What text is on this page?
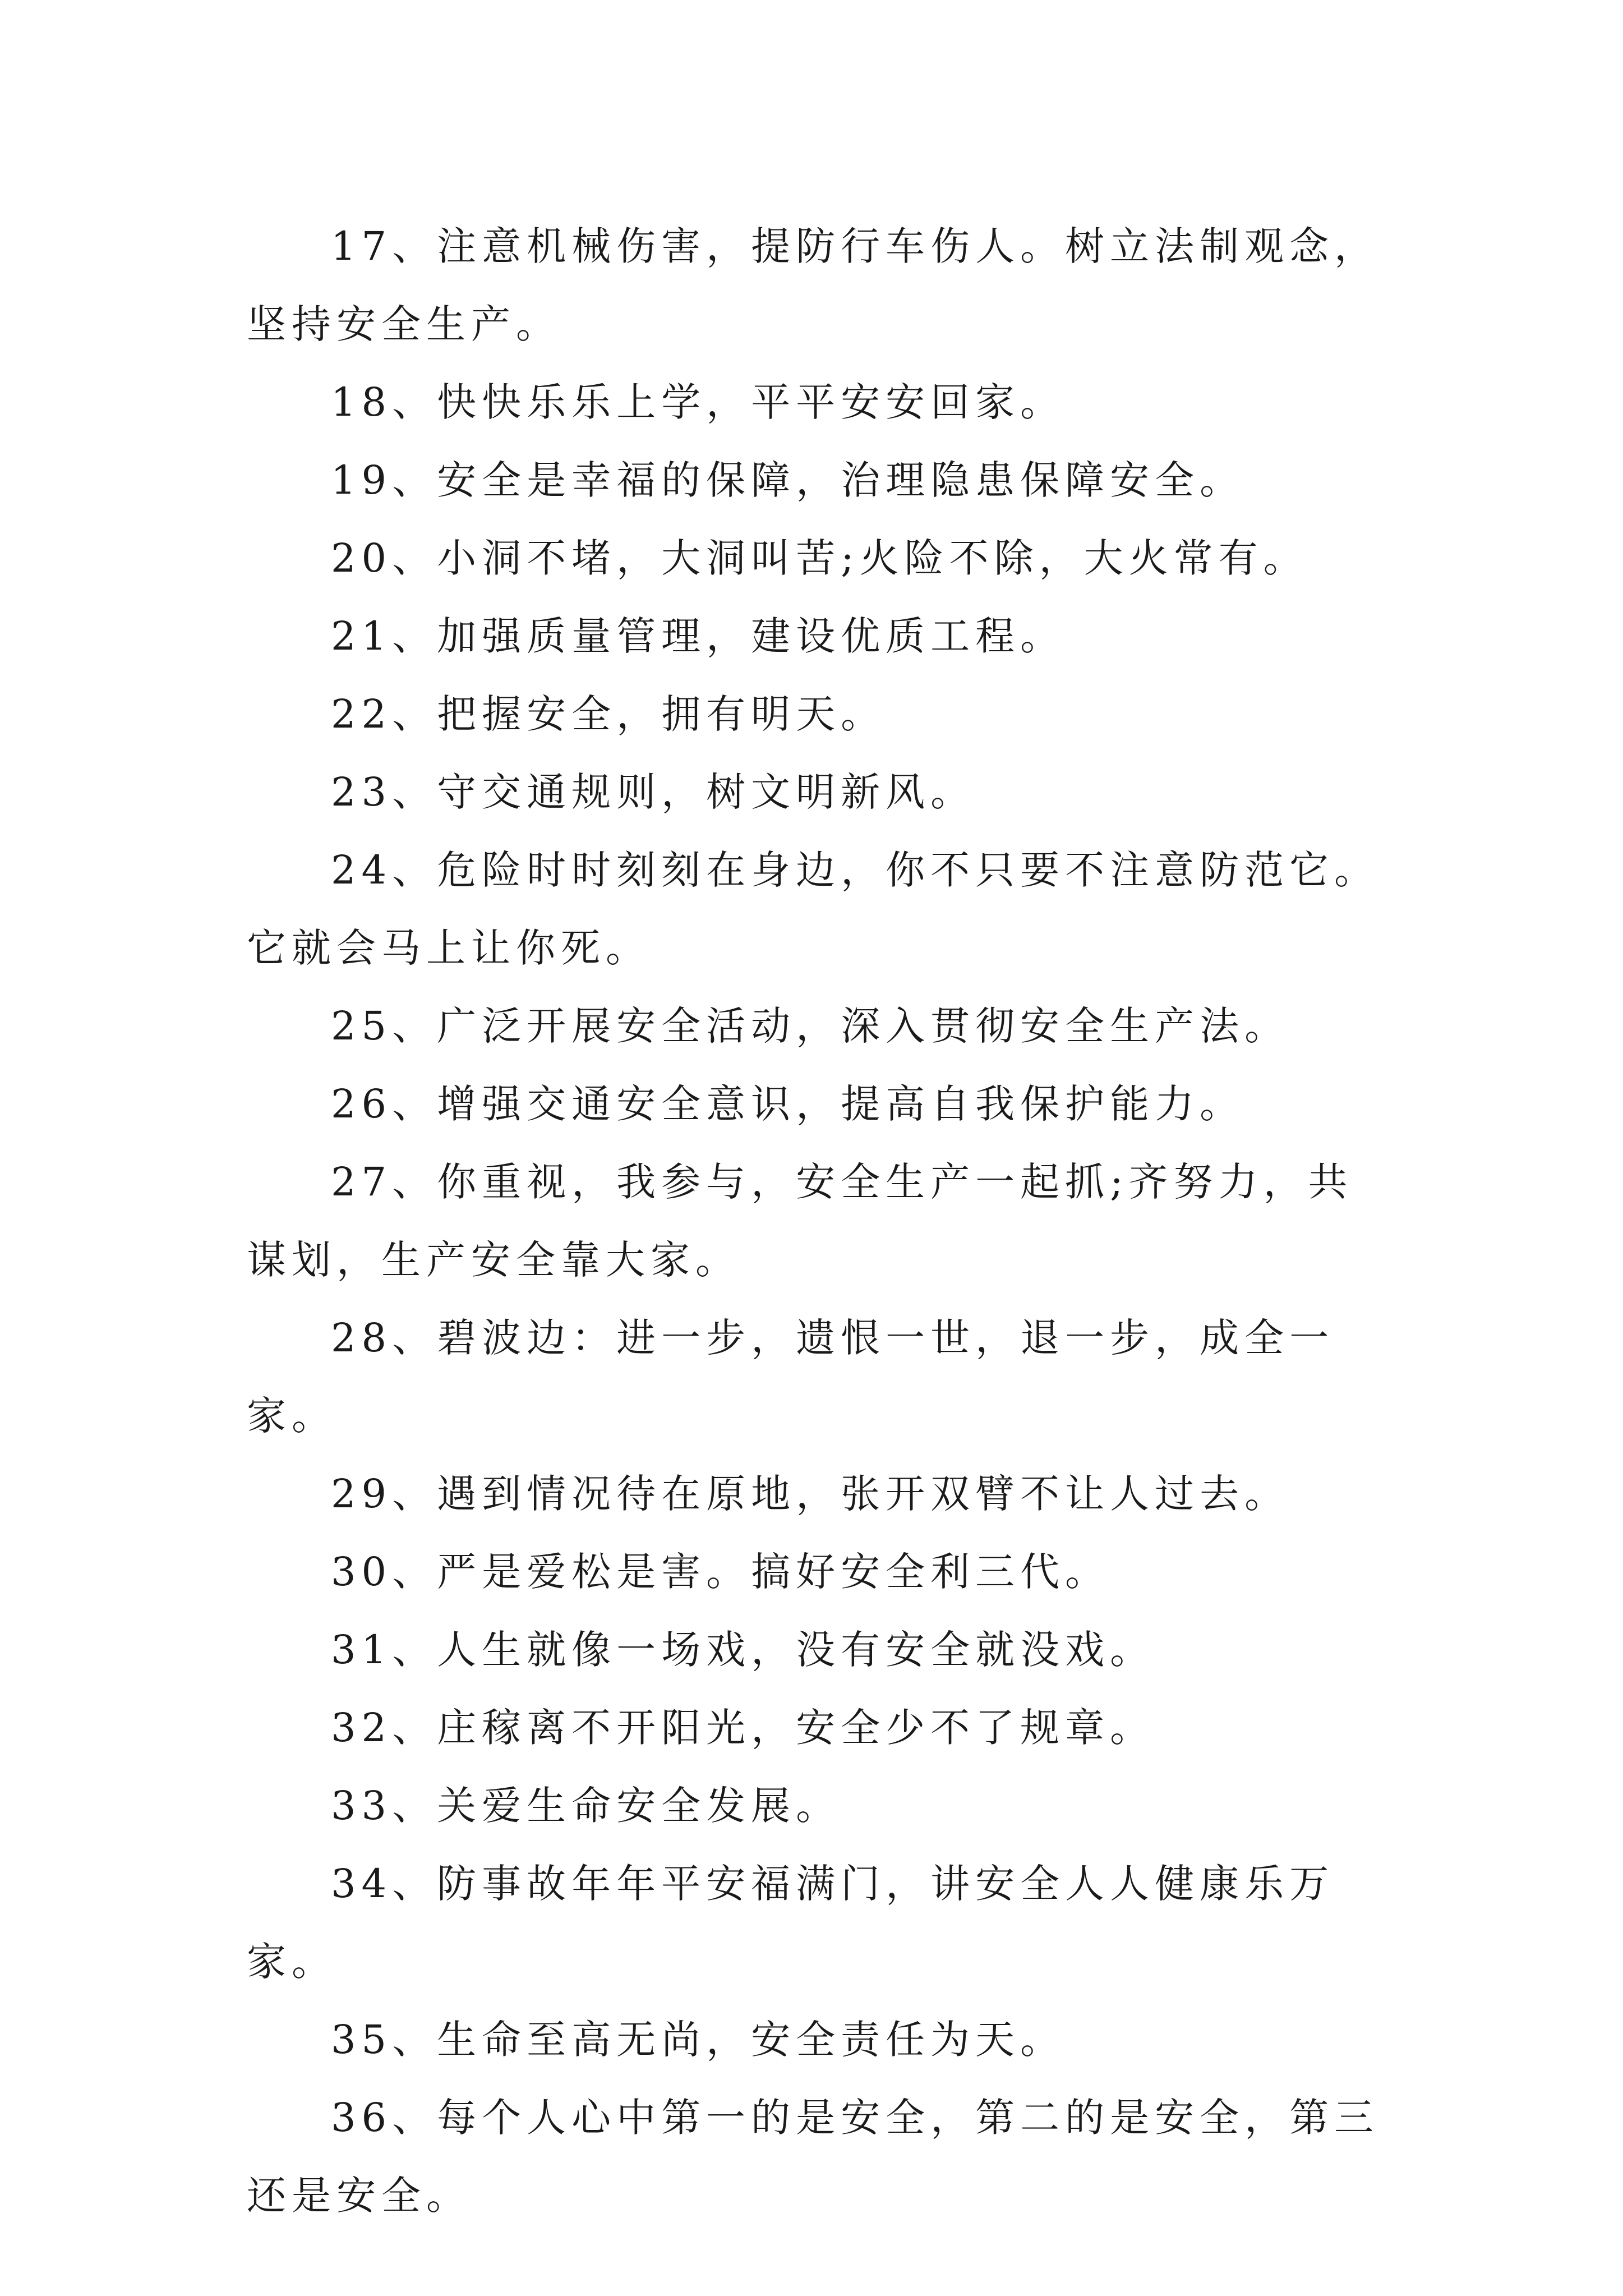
17、注意机械伤害，提防行车伤人。树立法制观念，坚持安全生产。

18、快快乐乐上学，平平安安回家。

19、安全是幸福的保障，治理隐患保障安全。

20、小洞不堵，大洞叫苦;火险不除，大火常有。

21、加强质量管理，建设优质工程。

22、把握安全，拥有明天。

23、守交通规则，树文明新风。

24、危险时时刻刻在身边，你不只要不注意防范它。它就会马上让你死。

25、广泛开展安全活动，深入贯彻安全生产法。

26、增强交通安全意识，提高自我保护能力。

27、你重视，我参与，安全生产一起抓;齐努力，共谋划，生产安全靠大家。

28、碧波边：进一步，遗恨一世，退一步，成全一家。

29、遇到情况待在原地，张开双臂不让人过去。

30、严是爱松是害。搞好安全利三代。

31、人生就像一场戏，没有安全就没戏。

32、庄稼离不开阳光，安全少不了规章。

33、关爱生命安全发展。

34、防事故年年平安福满门，讲安全人人健康乐万家。

35、生命至高无尚，安全责任为天。

36、每个人心中第一的是安全，第二的是安全，第三还是安全。
